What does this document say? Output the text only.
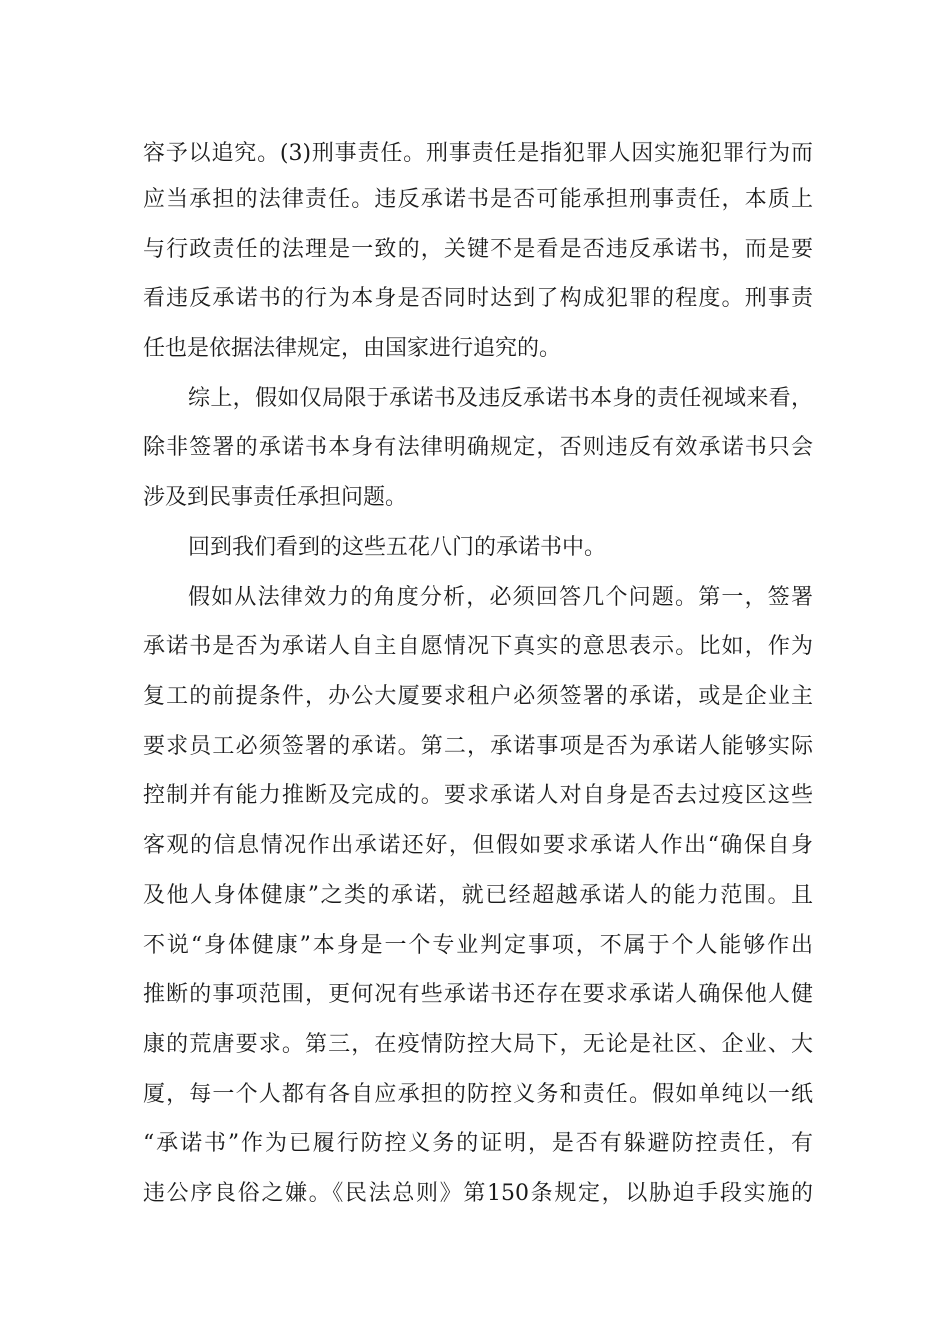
容予以追究。(3)刑事责任。刑事责任是指犯罪人因实施犯罪行为而
应当承担的法律责任。违反承诺书是否可能承担刑事责任，本质上
与行政责任的法理是一致的，关键不是看是否违反承诺书，而是要
看违反承诺书的行为本身是否同时达到了构成犯罪的程度。刑事责
任也是依据法律规定，由国家进行追究的。
综上，假如仅局限于承诺书及违反承诺书本身的责任视域来看，
除非签署的承诺书本身有法律明确规定，否则违反有效承诺书只会
涉及到民事责任承担问题。
回到我们看到的这些五花八门的承诺书中。
假如从法律效力的角度分析，必须回答几个问题。第一，签署
承诺书是否为承诺人自主自愿情况下真实的意思表示。比如，作为
复工的前提条件，办公大厦要求租户必须签署的承诺，或是企业主
要求员工必须签署的承诺。第二，承诺事项是否为承诺人能够实际
控制并有能力推断及完成的。要求承诺人对自身是否去过疫区这些
客观的信息情况作出承诺还好，但假如要求承诺人作出“确保自身
及他人身体健康”之类的承诺，就已经超越承诺人的能力范围。且
不说“身体健康”本身是一个专业判定事项，不属于个人能够作出
推断的事项范围，更何况有些承诺书还存在要求承诺人确保他人健
康的荒唐要求。第三，在疫情防控大局下，无论是社区、企业、大
厦，每一个人都有各自应承担的防控义务和责任。假如单纯以一纸
“承诺书”作为已履行防控义务的证明，是否有躲避防控责任，有
违公序良俗之嫌。《民法总则》第150条规定，以胁迫手段实施的
